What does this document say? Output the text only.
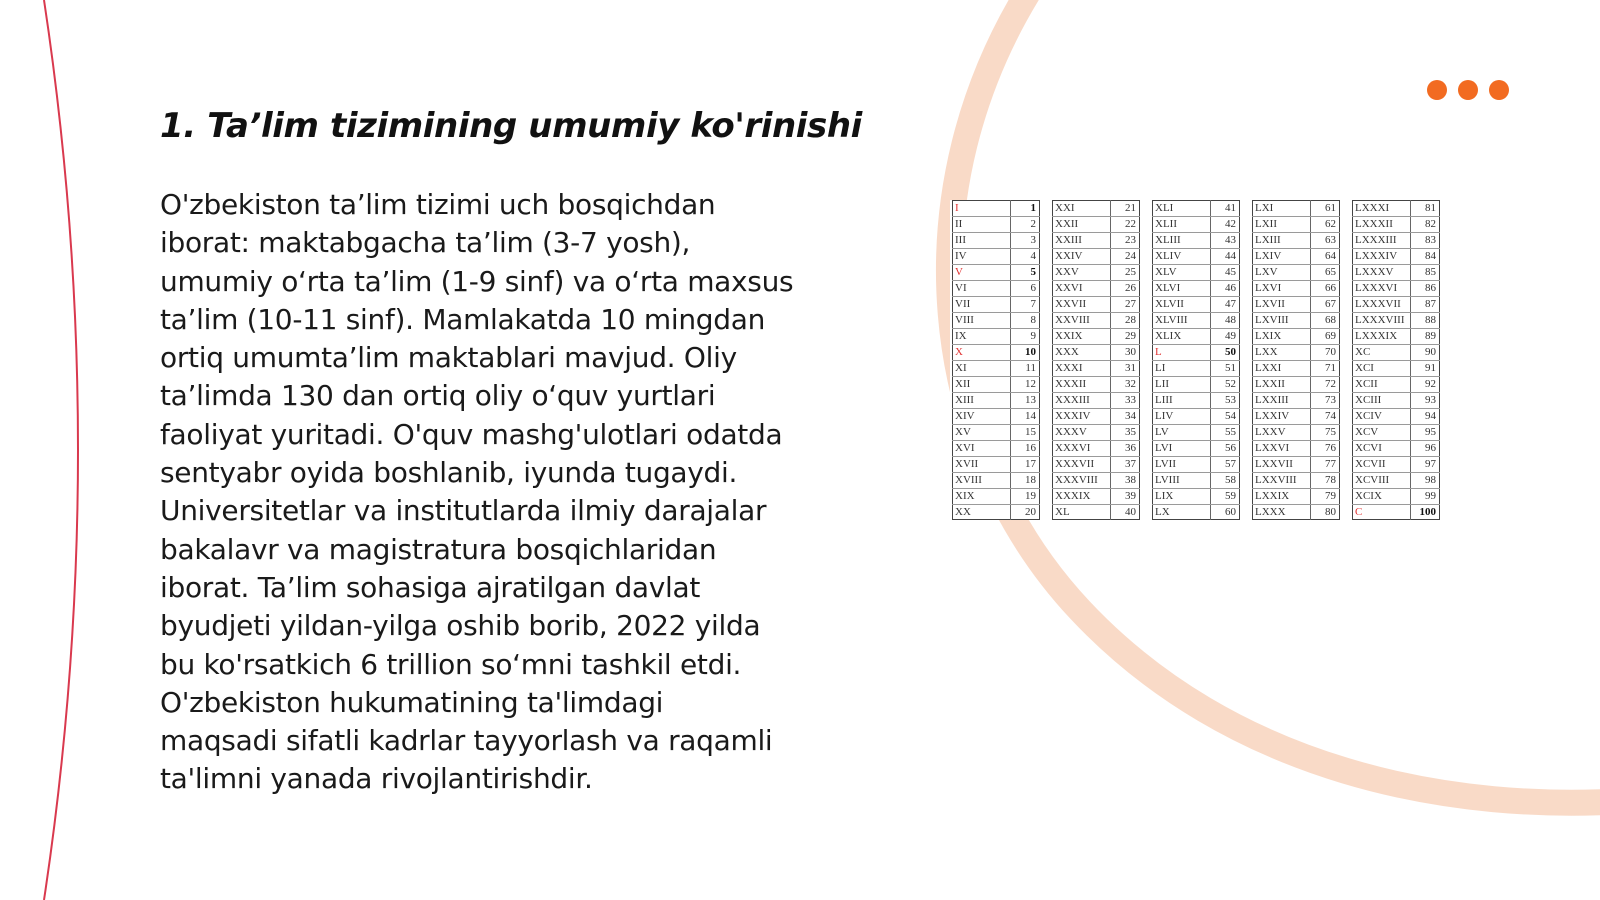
1. Ta’lim tizimining umumiy ko'rinishi

O'zbekiston ta’lim tizimi uch bosqichdan
iborat: maktabgacha ta’lim (3-7 yosh),
umumiy o‘rta ta’lim (1-9 sinf) va o‘rta maxsus
ta’lim (10-11 sinf). Mamlakatda 10 mingdan
ortiq umumta’lim maktablari mavjud. Oliy
ta’limda 130 dan ortiq oliy o‘quv yurtlari
faoliyat yuritadi. O'quv mashg'ulotlari odatda
sentyabr oyida boshlanib, iyunda tugaydi.
Universitetlar va institutlarda ilmiy darajalar
bakalavr va magistratura bosqichlaridan
iborat. Ta’lim sohasiga ajratilgan davlat
byudjeti yildan-yilga oshib borib, 2022 yilda
bu ko'rsatkich 6 trillion so‘mni tashkil etdi.
O'zbekiston hukumatining ta'limdagi
maqsadi sifatli kadrlar tayyorlash va raqamli
ta'limni yanada rivojlantirishdir.

I	1
II	2
III	3
IV	4
V	5
VI	6
VII	7
VIII	8
IX	9
X	10
XI	11
XII	12
XIII	13
XIV	14
XV	15
XVI	16
XVII	17
XVIII	18
XIX	19
XX	20
XXI	21
XXII	22
XXIII	23
XXIV	24
XXV	25
XXVI	26
XXVII	27
XXVIII	28
XXIX	29
XXX	30
XXXI	31
XXXII	32
XXXIII	33
XXXIV	34
XXXV	35
XXXVI	36
XXXVII	37
XXXVIII	38
XXXIX	39
XL	40
XLI	41
XLII	42
XLIII	43
XLIV	44
XLV	45
XLVI	46
XLVII	47
XLVIII	48
XLIX	49
L	50
LI	51
LII	52
LIII	53
LIV	54
LV	55
LVI	56
LVII	57
LVIII	58
LIX	59
LX	60
LXI	61
LXII	62
LXIII	63
LXIV	64
LXV	65
LXVI	66
LXVII	67
LXVIII	68
LXIX	69
LXX	70
LXXI	71
LXXII	72
LXXIII	73
LXXIV	74
LXXV	75
LXXVI	76
LXXVII	77
LXXVIII	78
LXXIX	79
LXXX	80
LXXXI	81
LXXXII	82
LXXXIII	83
LXXXIV	84
LXXXV	85
LXXXVI	86
LXXXVII	87
LXXXVIII	88
LXXXIX	89
XC	90
XCI	91
XCII	92
XCIII	93
XCIV	94
XCV	95
XCVI	96
XCVII	97
XCVIII	98
XCIX	99
C	100
